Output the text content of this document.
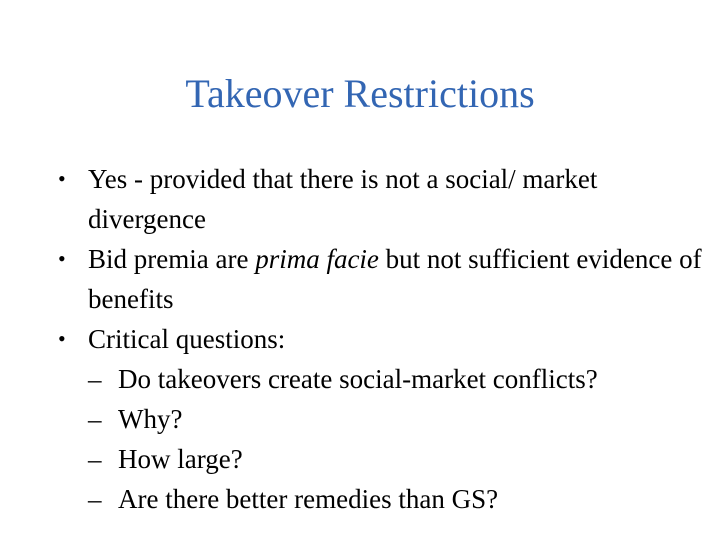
Takeover Restrictions
• Yes - provided that there is not a social/ market divergence
• Bid premia are prima facie but not sufficient evidence of benefits
• Critical questions:
– Do takeovers create social-market conflicts?
– Why?
– How large?
– Are there better remedies than GS?
